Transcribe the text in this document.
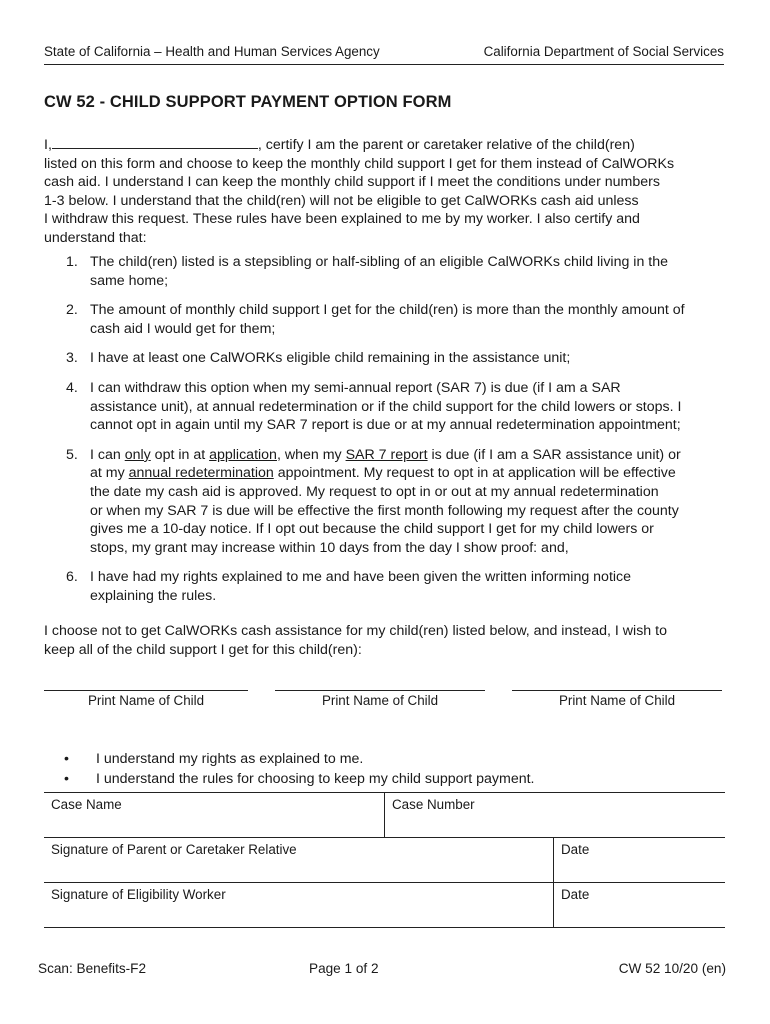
State of California – Health and Human Services Agency	California Department of Social Services
CW 52 - CHILD SUPPORT PAYMENT OPTION FORM
I,	, certify I am the parent or caretaker relative of the child(ren)
listed on this form and choose to keep the monthly child support I get for them instead of CalWORKs
cash aid. I understand I can keep the monthly child support if I meet the conditions under numbers
1-3 below. I understand that the child(ren) will not be eligible to get CalWORKs cash aid unless
I withdraw this request. These rules have been explained to me by my worker. I also certify and
understand that:
1. The child(ren) listed is a stepsibling or half-sibling of an eligible CalWORKs child living in the
same home;
2. The amount of monthly child support I get for the child(ren) is more than the monthly amount of
cash aid I would get for them;
3. I have at least one CalWORKs eligible child remaining in the assistance unit;
4. I can withdraw this option when my semi-annual report (SAR 7) is due (if I am a SAR
assistance unit), at annual redetermination or if the child support for the child lowers or stops. I
cannot opt in again until my SAR 7 report is due or at my annual redetermination appointment;
5. I can only opt in at application, when my SAR 7 report is due (if I am a SAR assistance unit) or
at my annual redetermination appointment. My request to opt in at application will be effective
the date my cash aid is approved. My request to opt in or out at my annual redetermination
or when my SAR 7 is due will be effective the first month following my request after the county
gives me a 10-day notice. If I opt out because the child support I get for my child lowers or
stops, my grant may increase within 10 days from the day I show proof: and,
6. I have had my rights explained to me and have been given the written informing notice
explaining the rules.
I choose not to get CalWORKs cash assistance for my child(ren) listed below, and instead, I wish to
keep all of the child support I get for this child(ren):
Print Name of Child	Print Name of Child	Print Name of Child
• I understand my rights as explained to me.
• I understand the rules for choosing to keep my child support payment.
Case Name	Case Number
Signature of Parent or Caretaker Relative	Date
Signature of Eligibility Worker	Date
Scan: Benefits-F2	Page 1 of 2	CW 52 10/20 (en)
